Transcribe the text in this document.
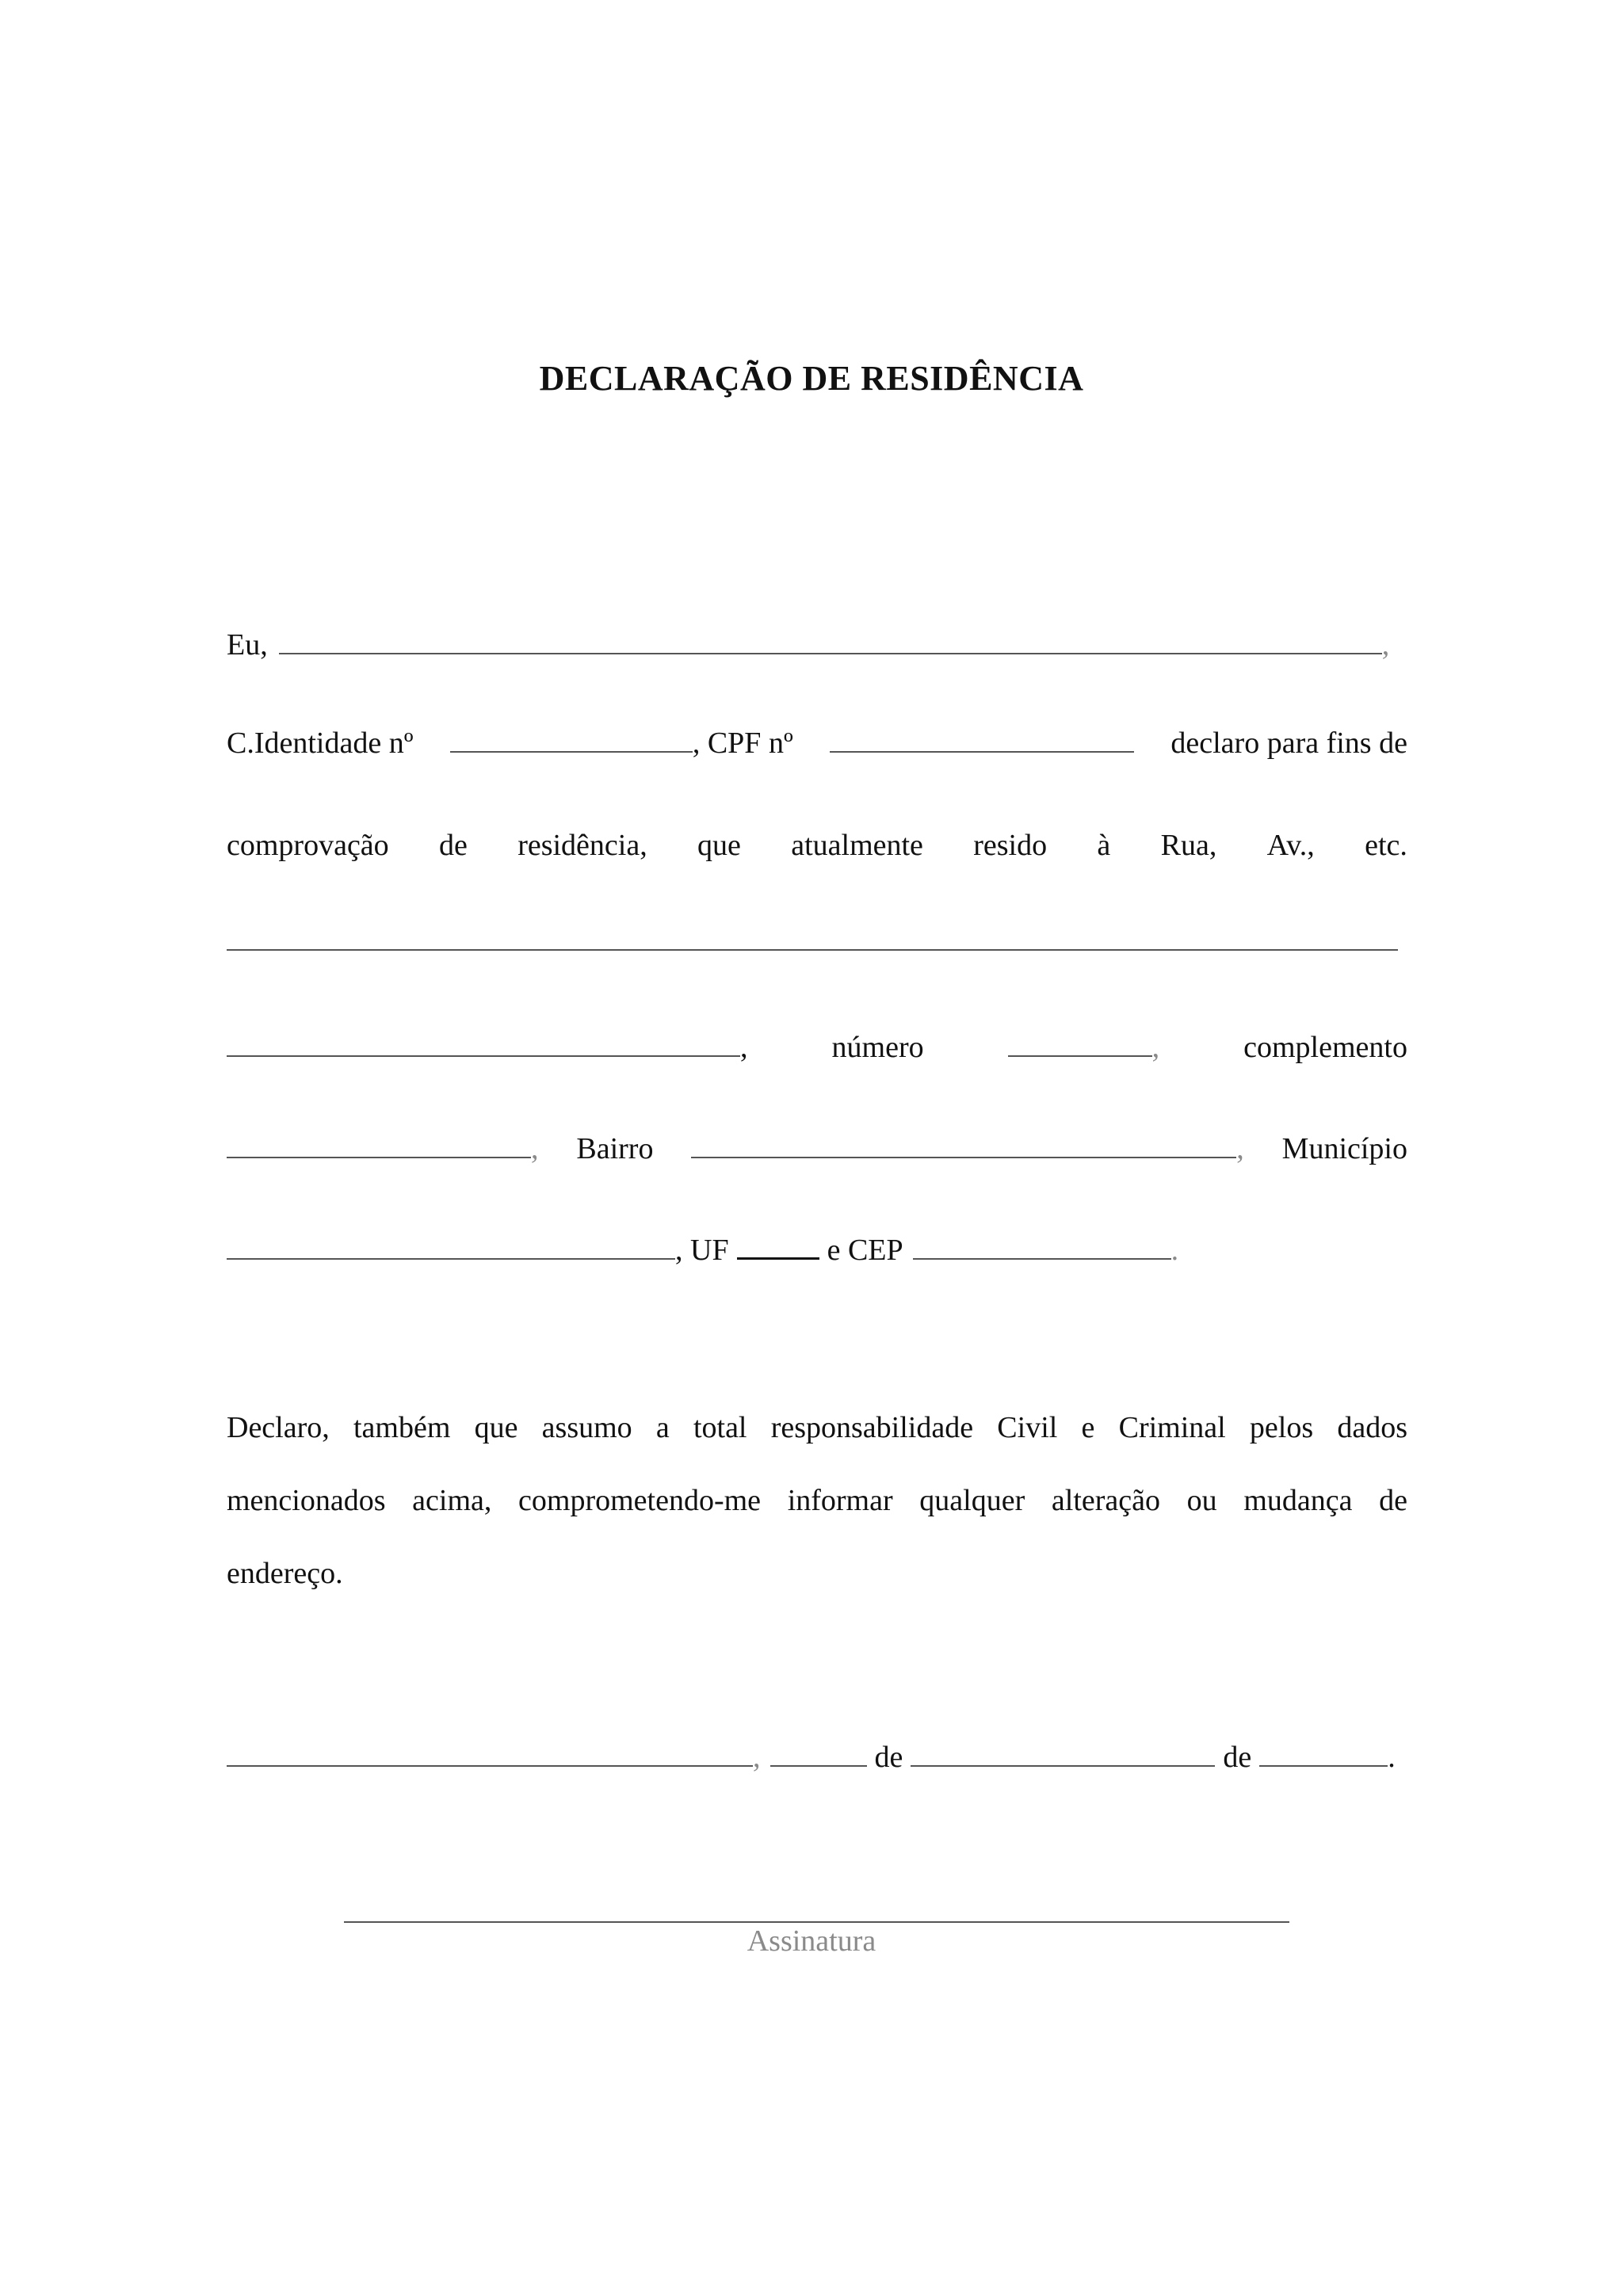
DECLARAÇÃO DE RESIDÊNCIA
Eu,	,
C.Identidade nº	, CPF nº	declaro para fins de
comprovação de residência, que atualmente resido à Rua, Av., etc.
,	número	,	complemento
, Bairro	, Município
, UF	e CEP	.
Declaro, também que assumo a total responsabilidade Civil e Criminal pelos dados
mencionados acima, comprometendo-me informar qualquer alteração ou mudança de
endereço.
,	de	de	.
Assinatura
